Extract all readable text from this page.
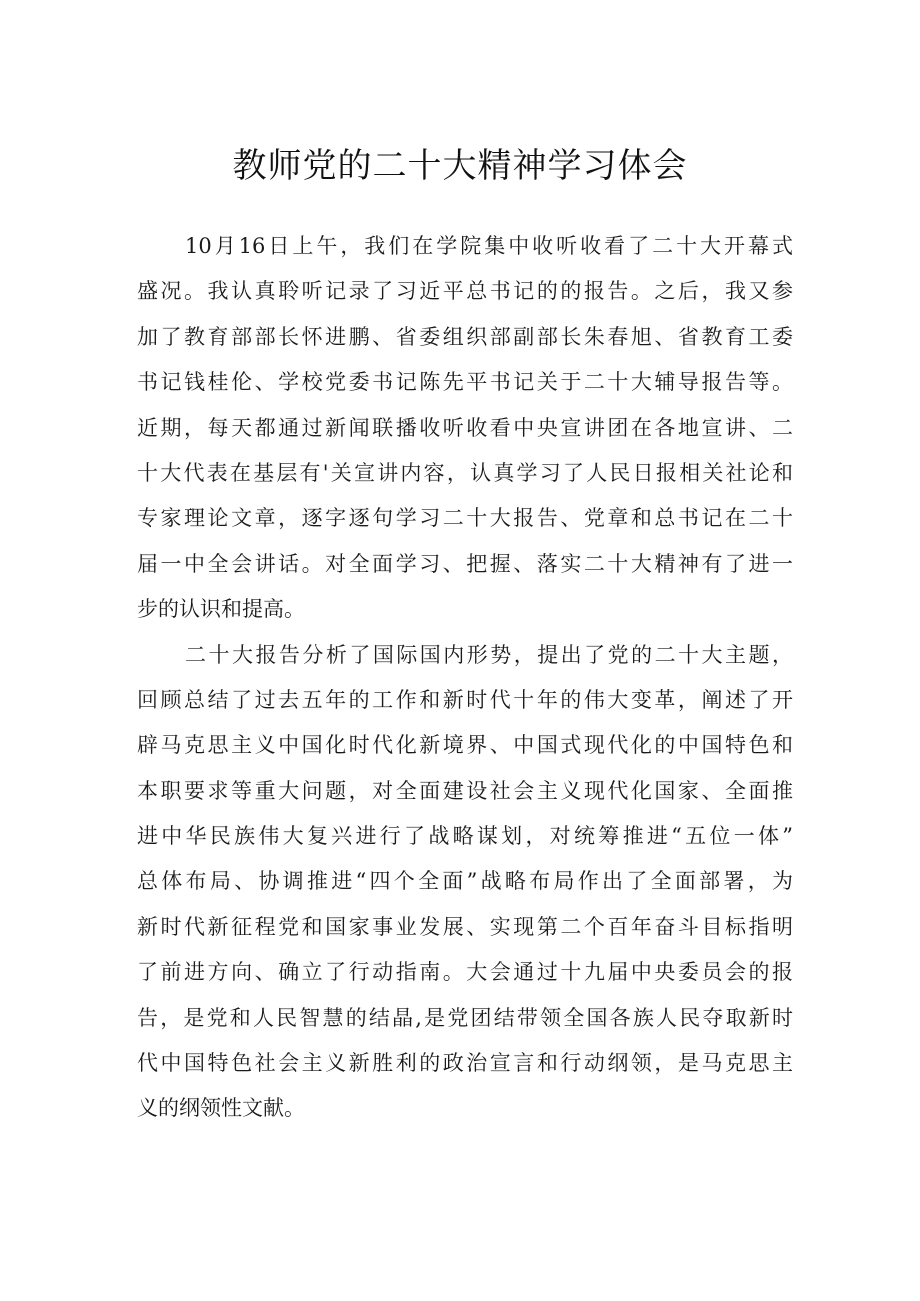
教师党的二十大精神学习体会
10月16日上午，我们在学院集中收听收看了二十大开幕式
盛况。我认真聆听记录了习近平总书记的的报告。之后，我又参
加了教育部部长怀进鹏、省委组织部副部长朱春旭、省教育工委
书记钱桂伦、学校党委书记陈先平书记关于二十大辅导报告等。
近期，每天都通过新闻联播收听收看中央宣讲团在各地宣讲、二
十大代表在基层有'关宣讲内容，认真学习了人民日报相关社论和
专家理论文章，逐字逐句学习二十大报告、党章和总书记在二十
届一中全会讲话。对全面学习、把握、落实二十大精神有了进一
步的认识和提高。
二十大报告分析了国际国内形势，提出了党的二十大主题，
回顾总结了过去五年的工作和新时代十年的伟大变革，阐述了开
辟马克思主义中国化时代化新境界、中国式现代化的中国特色和
本职要求等重大问题，对全面建设社会主义现代化国家、全面推
进中华民族伟大复兴进行了战略谋划，对统筹推进“五位一体”
总体布局、协调推进“四个全面”战略布局作出了全面部署，为
新时代新征程党和国家事业发展、实现第二个百年奋斗目标指明
了前进方向、确立了行动指南。大会通过十九届中央委员会的报
告，是党和人民智慧的结晶,是党团结带领全国各族人民夺取新时
代中国特色社会主义新胜利的政治宣言和行动纲领，是马克思主
义的纲领性文献。
